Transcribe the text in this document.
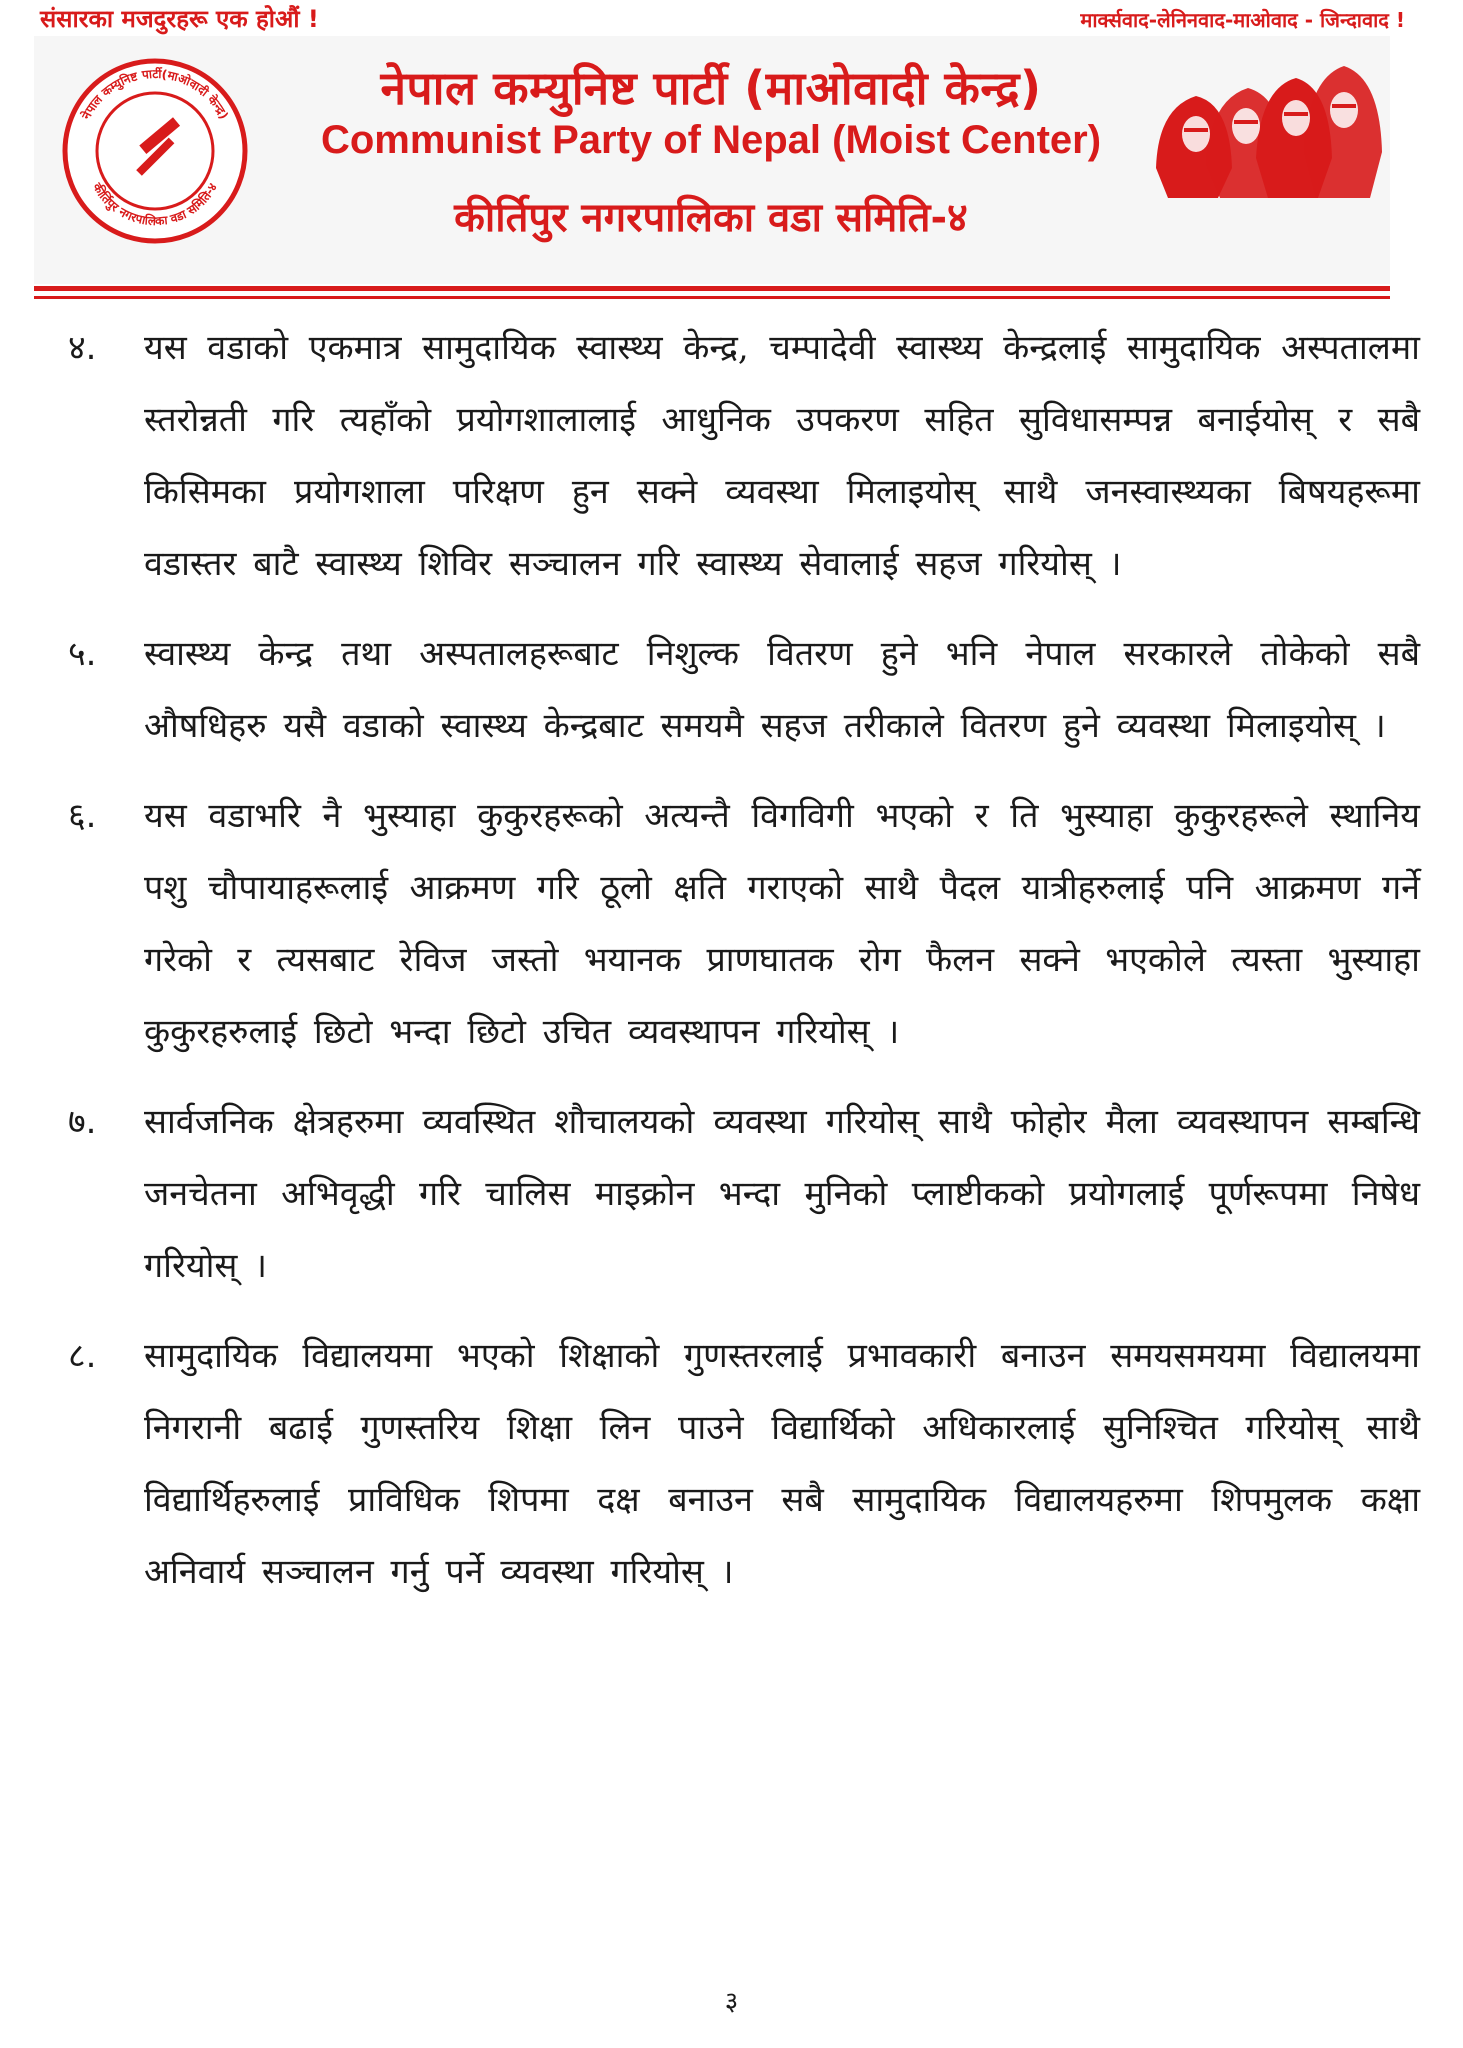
संसारका मजदुरहरू एक होऔं !	मार्क्सवाद-लेनिनवाद-माओवाद - जिन्दावाद !
नेपाल कम्युनिष्ट पार्टी(माओवादी केन्द्र)
कीर्तिपुर नगरपालिका वडा समिति-४
नेपाल कम्युनिष्ट पार्टी (माओवादी केन्द्र)
Communist Party of Nepal (Moist Center)
कीर्तिपुर नगरपालिका वडा समिति-४
४. यस वडाको एकमात्र सामुदायिक स्वास्थ्य केन्द्र, चम्पादेवी स्वास्थ्य केन्द्रलाई सामुदायिक अस्पतालमा स्तरोन्नती गरि त्यहाँको प्रयोगशालालाई आधुनिक उपकरण सहित सुविधासम्पन्न बनाईयोस् र सबै किसिमका प्रयोगशाला परिक्षण हुन सक्ने व्यवस्था मिलाइयोस् साथै जनस्वास्थ्यका बिषयहरूमा वडास्तर बाटै स्वास्थ्य शिविर सञ्चालन गरि स्वास्थ्य सेवालाई सहज गरियोस् ।
५. स्वास्थ्य केन्द्र तथा अस्पतालहरूबाट निशुल्क वितरण हुने भनि नेपाल सरकारले तोकेको सबै औषधिहरु यसै वडाको स्वास्थ्य केन्द्रबाट समयमै सहज तरीकाले वितरण हुने व्यवस्था मिलाइयोस् ।
६. यस वडाभरि नै भुस्याहा कुकुरहरूको अत्यन्तै विगविगी भएको र ति भुस्याहा कुकुरहरूले स्थानिय पशु चौपायाहरूलाई आक्रमण गरि ठूलो क्षति गराएको साथै पैदल यात्रीहरुलाई पनि आक्रमण गर्ने गरेको र त्यसबाट रेविज जस्तो भयानक प्राणघातक रोग फैलन सक्ने भएकोले त्यस्ता भुस्याहा कुकुरहरुलाई छिटो भन्दा छिटो उचित व्यवस्थापन गरियोस् ।
७. सार्वजनिक क्षेत्रहरुमा व्यवस्थित शौचालयको व्यवस्था गरियोस् साथै फोहोर मैला व्यवस्थापन सम्बन्धि जनचेतना अभिवृद्धी गरि चालिस माइक्रोन भन्दा मुनिको प्लाष्टीकको प्रयोगलाई पूर्णरूपमा निषेध गरियोस् ।
८. सामुदायिक विद्यालयमा भएको शिक्षाको गुणस्तरलाई प्रभावकारी बनाउन समयसमयमा विद्यालयमा निगरानी बढाई गुणस्तरिय शिक्षा लिन पाउने विद्यार्थिको अधिकारलाई सुनिश्चित गरियोस् साथै विद्यार्थिहरुलाई प्राविधिक शिपमा दक्ष बनाउन सबै सामुदायिक विद्यालयहरुमा शिपमुलक कक्षा अनिवार्य सञ्चालन गर्नु पर्ने व्यवस्था गरियोस् ।
३
